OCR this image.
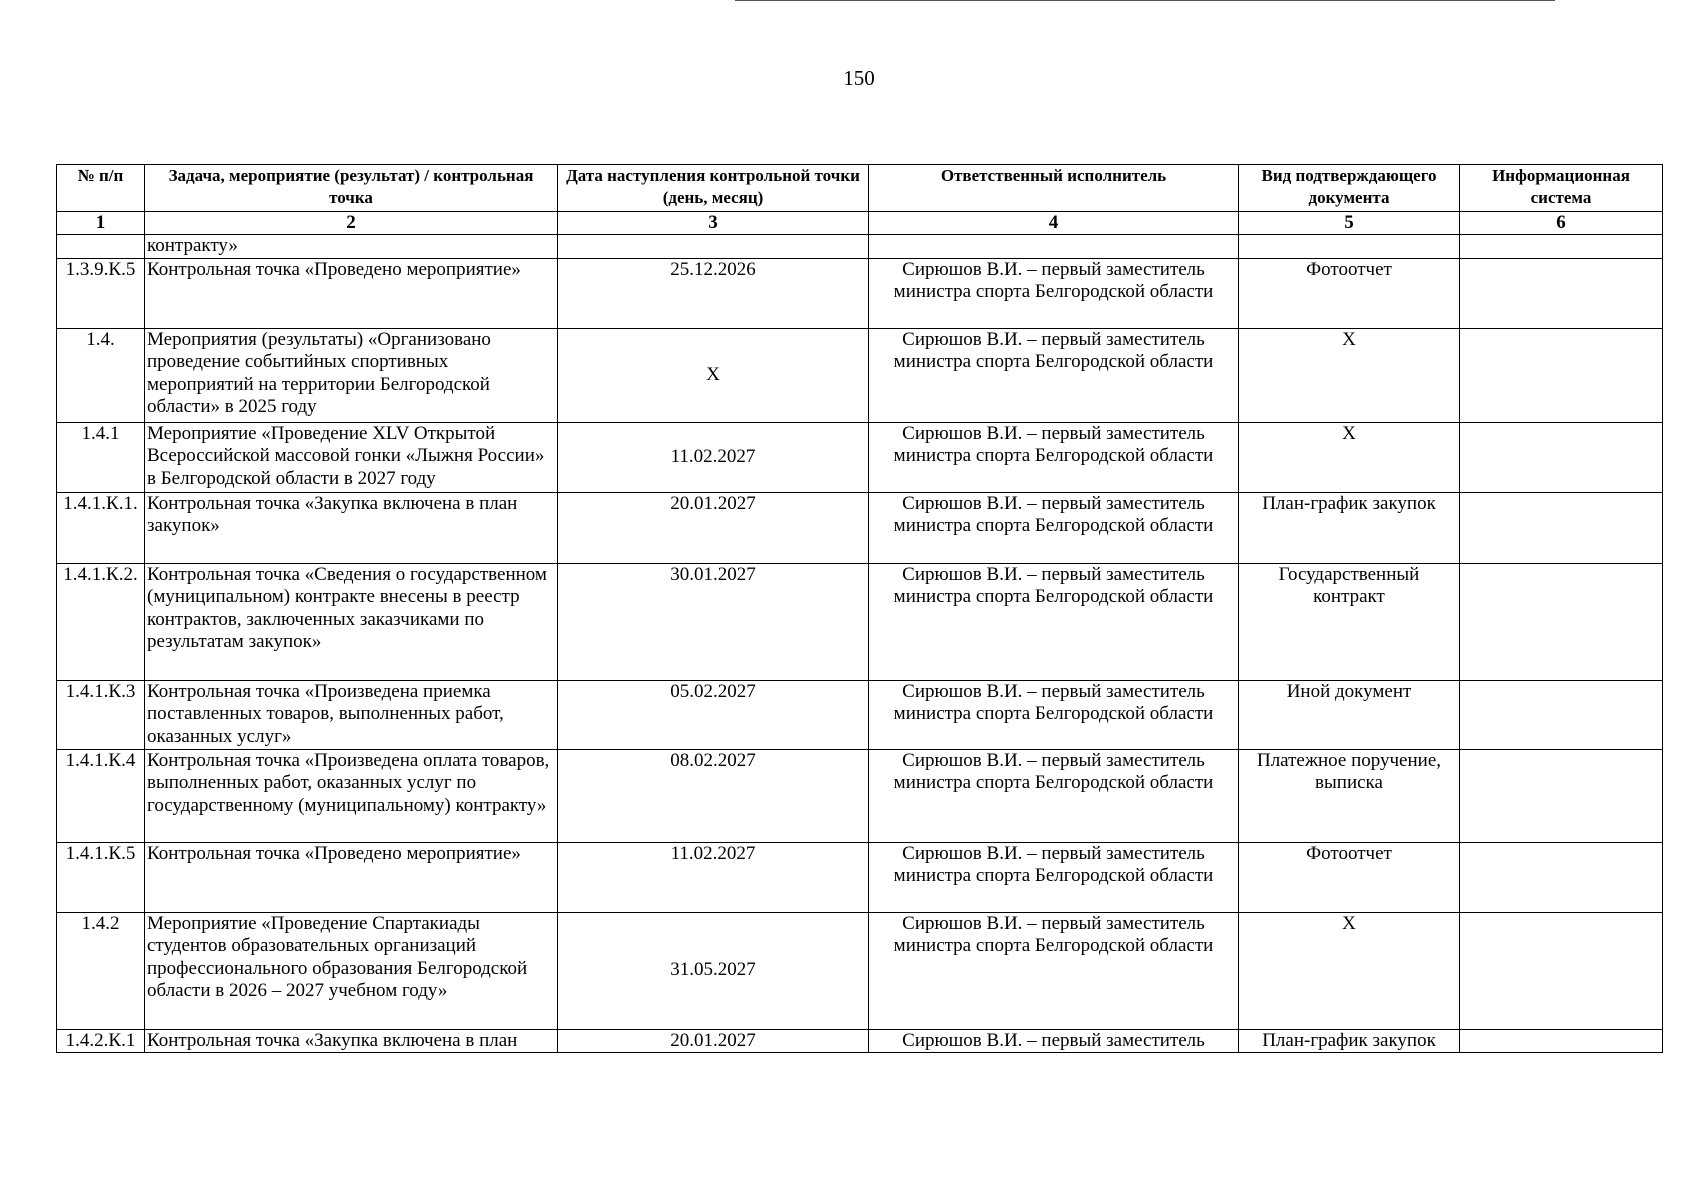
150
№ п/п	Задача, мероприятие (результат) / контрольная точка	Дата наступления контрольной точки (день, месяц)	Ответственный исполнитель	Вид подтверждающего документа	Информационная система
1	2	3	4	5	6
	контракту»				
1.3.9.К.5	Контрольная точка «Проведено мероприятие»	25.12.2026	Сирюшов В.И. – первый заместитель министра спорта Белгородской области	Фотоотчет	
1.4.	Мероприятия (результаты) «Организовано проведение событийных спортивных мероприятий на территории Белгородской области» в 2025 году	X	Сирюшов В.И. – первый заместитель министра спорта Белгородской области	X	
1.4.1	Мероприятие «Проведение XLV Открытой Всероссийской массовой гонки «Лыжня России» в Белгородской области в 2027 году	11.02.2027	Сирюшов В.И. – первый заместитель министра спорта Белгородской области	X	
1.4.1.К.1.	Контрольная точка «Закупка включена в план закупок»	20.01.2027	Сирюшов В.И. – первый заместитель министра спорта Белгородской области	План-график закупок	
1.4.1.К.2.	Контрольная точка «Сведения о государственном (муниципальном) контракте внесены в реестр контрактов, заключенных заказчиками по результатам закупок»	30.01.2027	Сирюшов В.И. – первый заместитель министра спорта Белгородской области	Государственный контракт	
1.4.1.К.3	Контрольная точка «Произведена приемка поставленных товаров, выполненных работ, оказанных услуг»	05.02.2027	Сирюшов В.И. – первый заместитель министра спорта Белгородской области	Иной документ	
1.4.1.К.4	Контрольная точка «Произведена оплата товаров, выполненных работ, оказанных услуг по государственному (муниципальному) контракту»	08.02.2027	Сирюшов В.И. – первый заместитель министра спорта Белгородской области	Платежное поручение, выписка	
1.4.1.К.5	Контрольная точка «Проведено мероприятие»	11.02.2027	Сирюшов В.И. – первый заместитель министра спорта Белгородской области	Фотоотчет	
1.4.2	Мероприятие «Проведение Спартакиады студентов образовательных организаций профессионального образования Белгородской области в 2026 – 2027 учебном году»	31.05.2027	Сирюшов В.И. – первый заместитель министра спорта Белгородской области	X	
1.4.2.К.1	Контрольная точка «Закупка включена в план	20.01.2027	Сирюшов В.И. – первый заместитель	План-график закупок	
